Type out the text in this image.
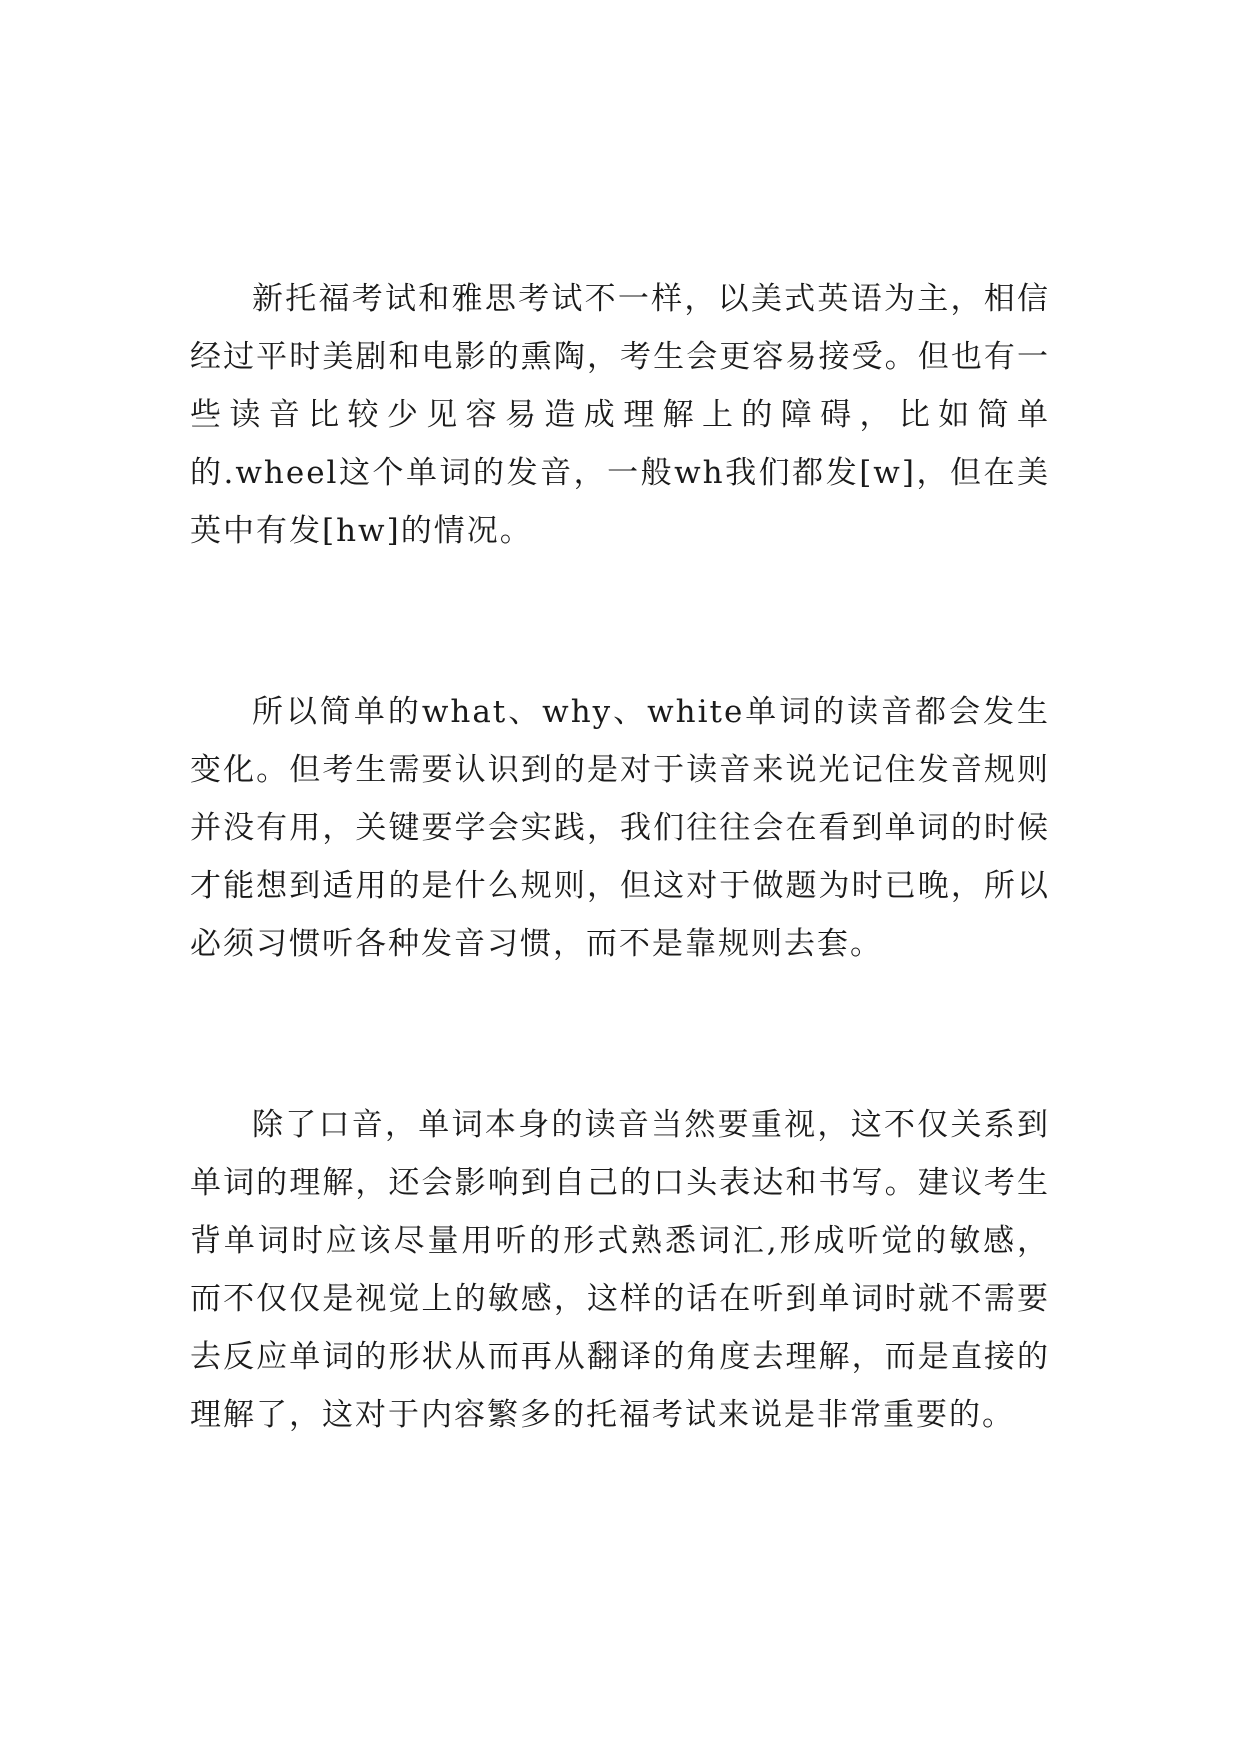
新托福考试和雅思考试不一样，以美式英语为主，相信经过平时美剧和电影的熏陶，考生会更容易接受。但也有一些读音比较少见容易造成理解上的障碍，比如简单的.wheel这个单词的发音，一般wh我们都发[w]，但在美英中有发[hw]的情况。

所以简单的what、why、white单词的读音都会发生变化。但考生需要认识到的是对于读音来说光记住发音规则并没有用，关键要学会实践，我们往往会在看到单词的时候才能想到适用的是什么规则，但这对于做题为时已晚，所以必须习惯听各种发音习惯，而不是靠规则去套。

除了口音，单词本身的读音当然要重视，这不仅关系到单词的理解，还会影响到自己的口头表达和书写。建议考生背单词时应该尽量用听的形式熟悉词汇,形成听觉的敏感，而不仅仅是视觉上的敏感，这样的话在听到单词时就不需要去反应单词的形状从而再从翻译的角度去理解，而是直接的理解了，这对于内容繁多的托福考试来说是非常重要的。
